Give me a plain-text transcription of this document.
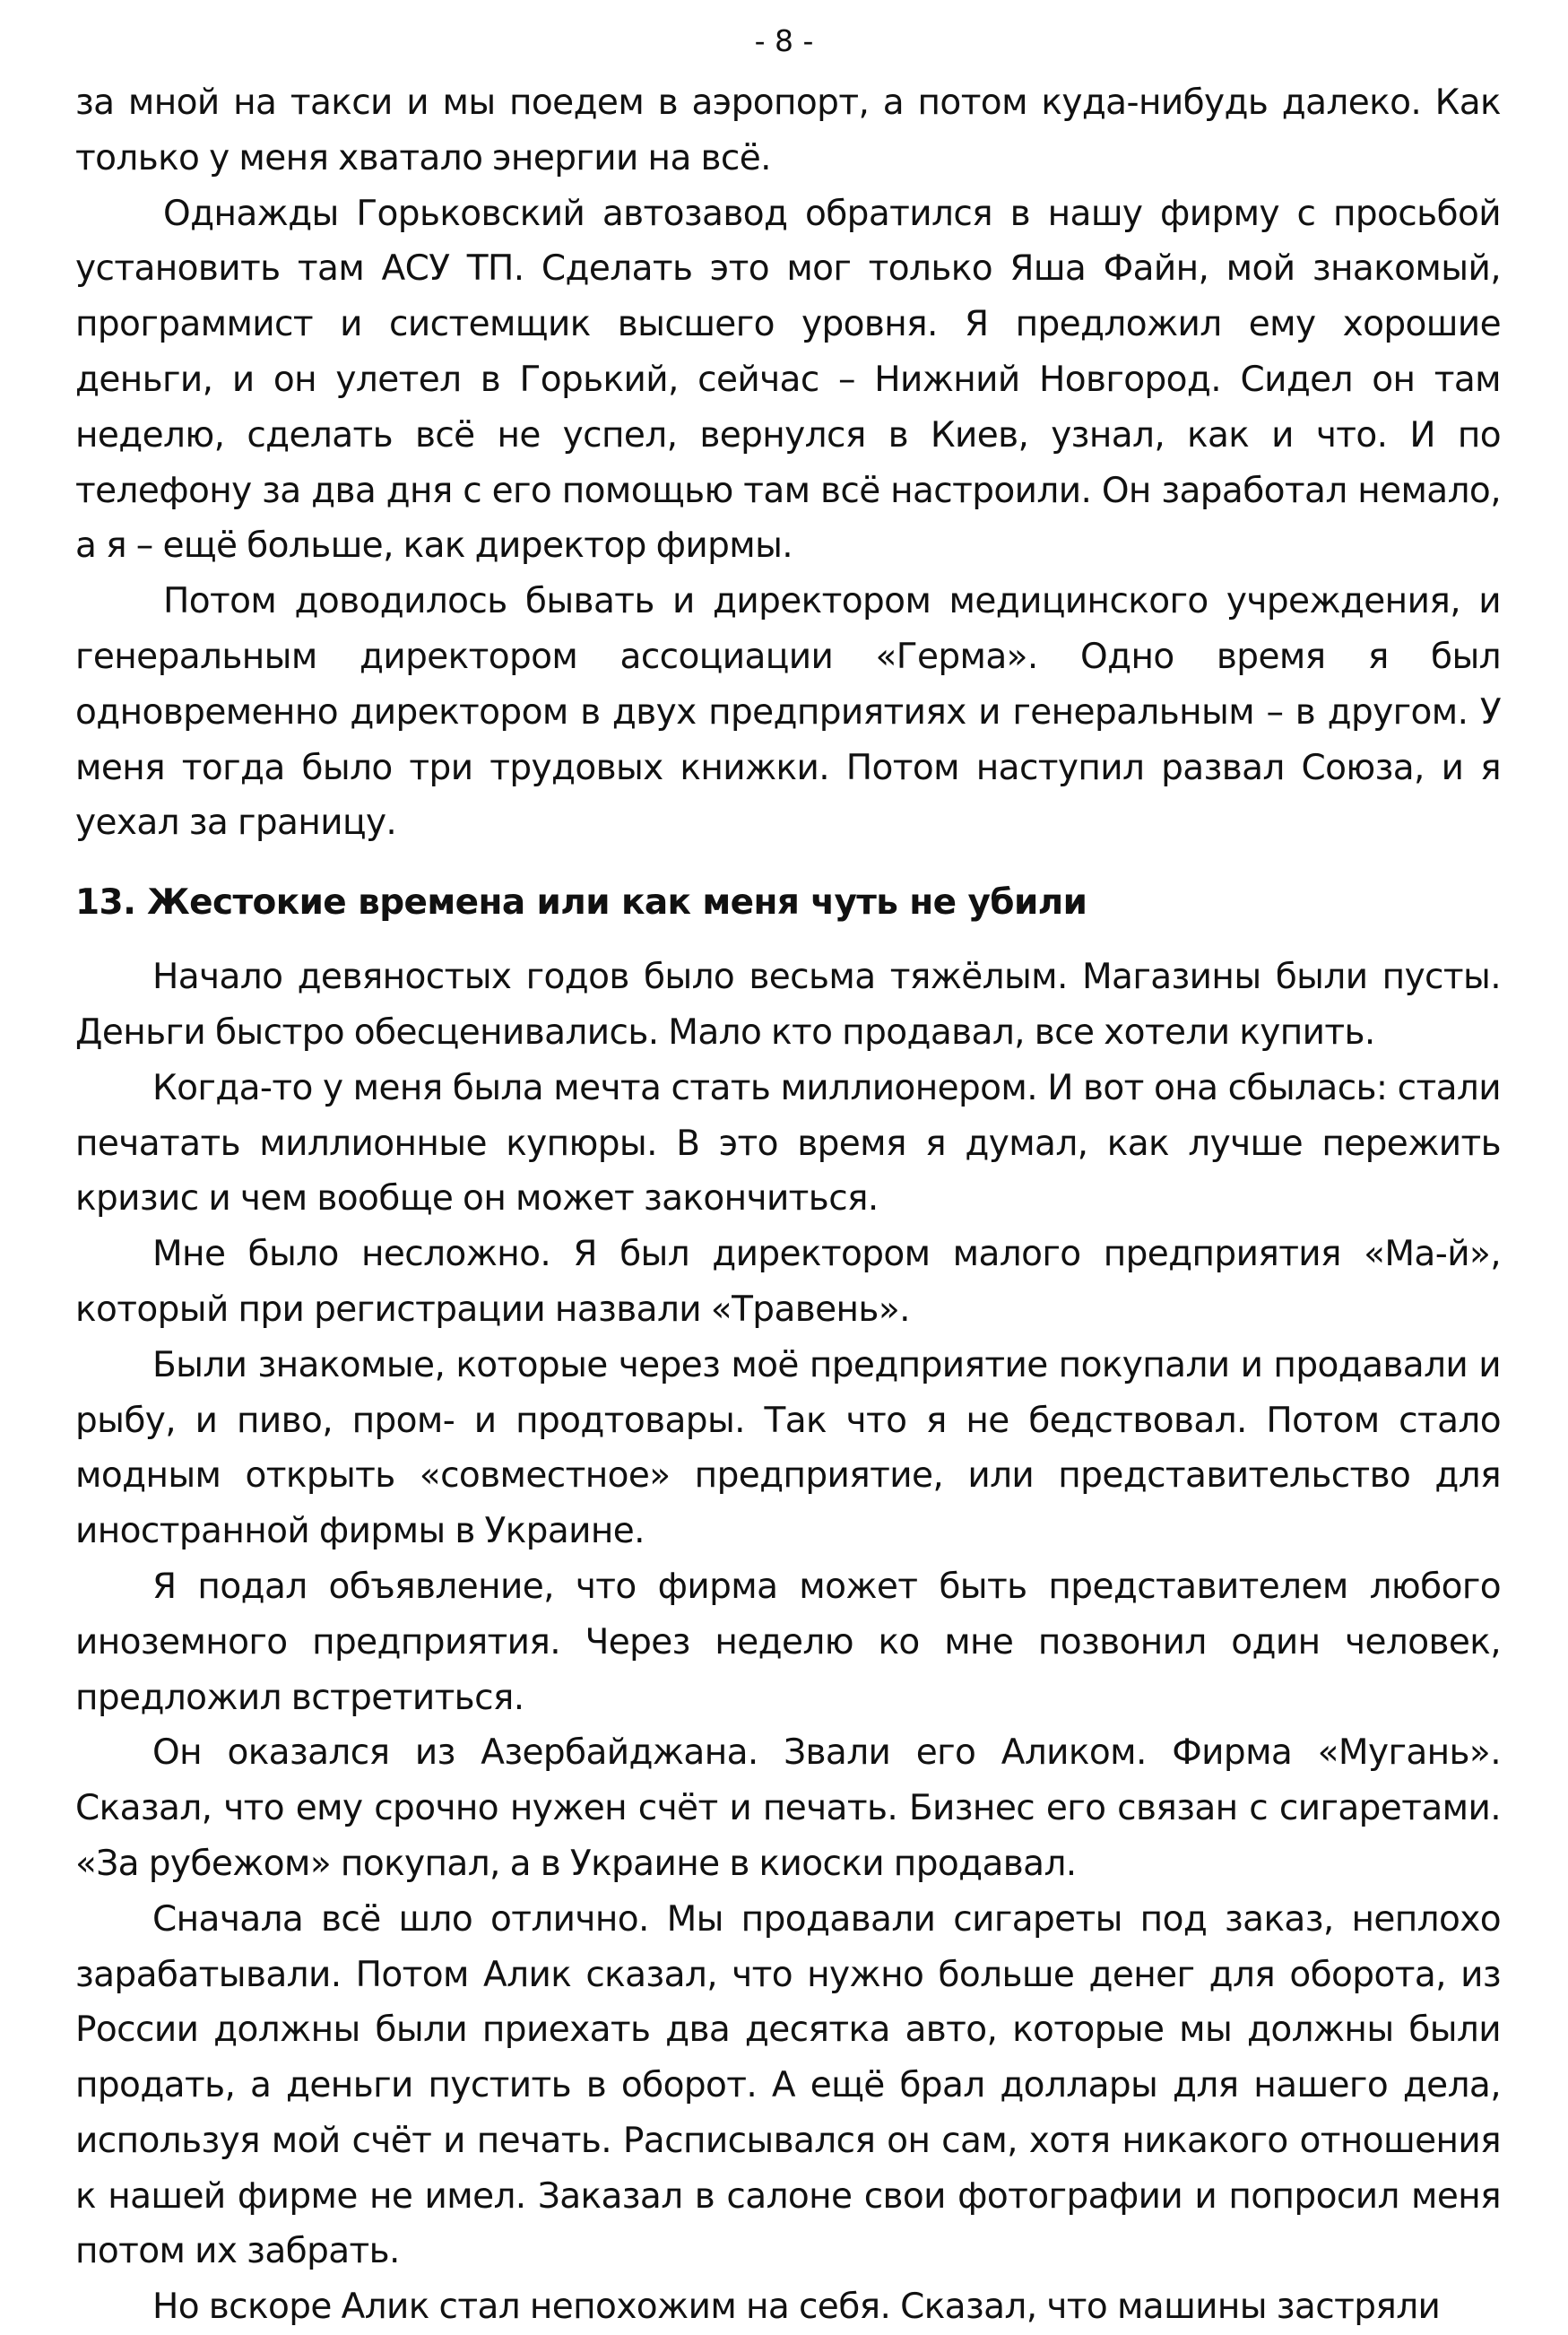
- 8 -

за мной на такси и мы поедем в аэропорт, а потом куда-нибудь далеко. Как только у меня хватало энергии на всё.

Однажды Горьковский автозавод обратился в нашу фирму с просьбой установить там АСУ ТП. Сделать это мог только Яша Файн, мой знакомый, программист и системщик высшего уровня. Я предложил ему хорошие деньги, и он улетел в Горький, сейчас – Нижний Новгород. Сидел он там неделю, сделать всё не успел, вернулся в Киев, узнал, как и что. И по телефону за два дня с его помощью там всё настроили. Он заработал немало, а я – ещё больше, как директор фирмы.

Потом доводилось бывать и директором медицинского учреждения, и генеральным директором ассоциации «Герма». Одно время я был одновременно директором в двух предприятиях и генеральным – в другом. У меня тогда было три трудовых книжки. Потом наступил развал Союза, и я уехал за границу.

13. Жестокие времена или как меня чуть не убили

Начало девяностых годов было весьма тяжёлым. Магазины были пусты. Деньги быстро обесценивались. Мало кто продавал, все хотели купить.

Когда-то у меня была мечта стать миллионером. И вот она сбылась: стали печатать миллионные купюры. В это время я думал, как лучше пережить кризис и чем вообще он может закончиться.

Мне было несложно. Я был директором малого предприятия «Ма-й», который при регистрации назвали «Травень».

Были знакомые, которые через моё предприятие покупали и продавали и рыбу, и пиво, пром- и продтовары. Так что я не бедствовал. Потом стало модным открыть «совместное» предприятие, или представительство для иностранной фирмы в Украине.

Я подал объявление, что фирма может быть представителем любого иноземного предприятия. Через неделю ко мне позвонил один человек, предложил встретиться.

Он оказался из Азербайджана. Звали его Аликом. Фирма «Мугань». Сказал, что ему срочно нужен счёт и печать. Бизнес его связан с сигаретами. «За рубежом» покупал, а в Украине в киоски продавал.

Сначала всё шло отлично. Мы продавали сигареты под заказ, неплохо зарабатывали. Потом Алик сказал, что нужно больше денег для оборота, из России должны были приехать два десятка авто, которые мы должны были продать, а деньги пустить в оборот. А ещё брал доллары для нашего дела, используя мой счёт и печать. Расписывался он сам, хотя никакого отношения к нашей фирме не имел. Заказал в салоне свои фотографии и попросил меня потом их забрать.

Но вскоре Алик стал непохожим на себя. Сказал, что машины застряли
